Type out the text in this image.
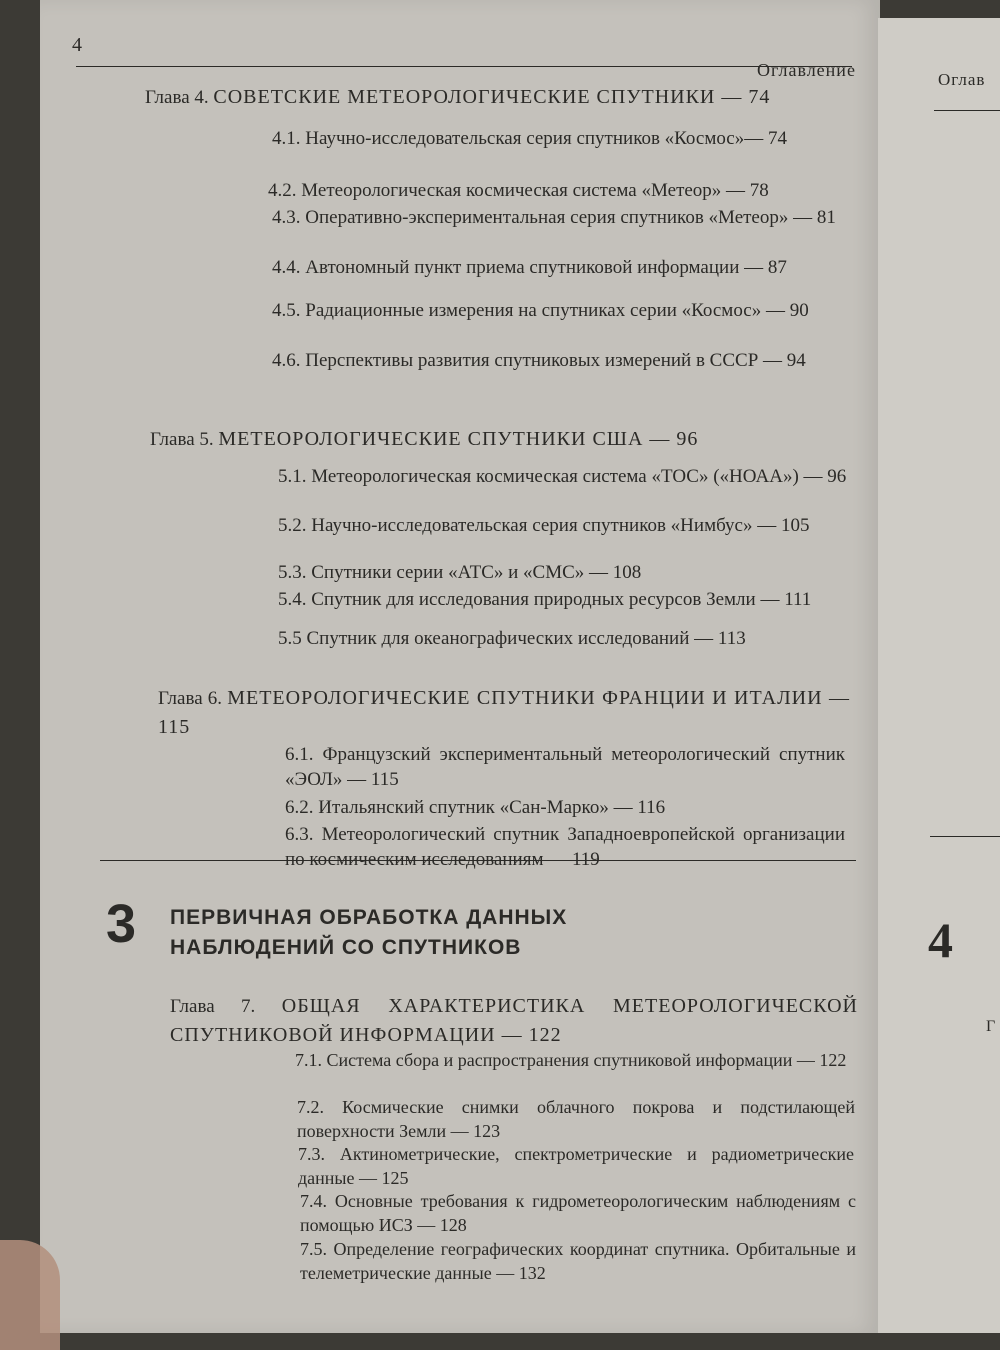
Оглав
4
Г
4
Оглавление
Глава 4. СОВЕТСКИЕ МЕТЕОРОЛОГИЧЕСКИЕ СПУТНИКИ — 74
4.1. Научно-исследовательская серия спутников «Космос»— 74
4.2. Метеорологическая космическая система «Метеор» — 78
4.3. Оперативно-экспериментальная серия спутников «Метеор» — 81
4.4. Автономный пункт приема спутниковой информации — 87
4.5. Радиационные измерения на спутниках серии «Космос» — 90
4.6. Перспективы развития спутниковых измерений в СССР — 94
Глава 5. МЕТЕОРОЛОГИЧЕСКИЕ СПУТНИКИ США — 96
5.1. Метеорологическая космическая система «ТОС» («НОАА») — 96
5.2. Научно-исследовательская серия спутников «Нимбус» — 105
5.3. Спутники серии «АТС» и «СМС» — 108
5.4. Спутник для исследования природных ресурсов Земли — 111
5.5 Спутник для океанографических исследований — 113
Глава 6. МЕТЕОРОЛОГИЧЕСКИЕ СПУТНИКИ ФРАНЦИИ И ИТАЛИИ — 115
6.1. Французский экспериментальный метеорологический спутник «ЭОЛ» — 115
6.2. Итальянский спутник «Сан-Марко» — 116
6.3. Метеорологический спутник Западноевропейской организации по космическим исследованиям — 119
3 ПЕРВИЧНАЯ ОБРАБОТКА ДАННЫХ
НАБЛЮДЕНИЙ СО СПУТНИКОВ
Глава 7. ОБЩАЯ ХАРАКТЕРИСТИКА МЕТЕОРОЛОГИЧЕСКОЙ СПУТНИКОВОЙ ИНФОРМАЦИИ — 122
7.1. Система сбора и распространения спутниковой информации — 122
7.2. Космические снимки облачного покрова и подстилающей поверхности Земли — 123
7.3. Актинометрические, спектрометрические и радиометрические данные — 125
7.4. Основные требования к гидрометеорологическим наблюдениям с помощью ИСЗ — 128
7.5. Определение географических координат спутника. Орбитальные и телеметрические данные — 132
